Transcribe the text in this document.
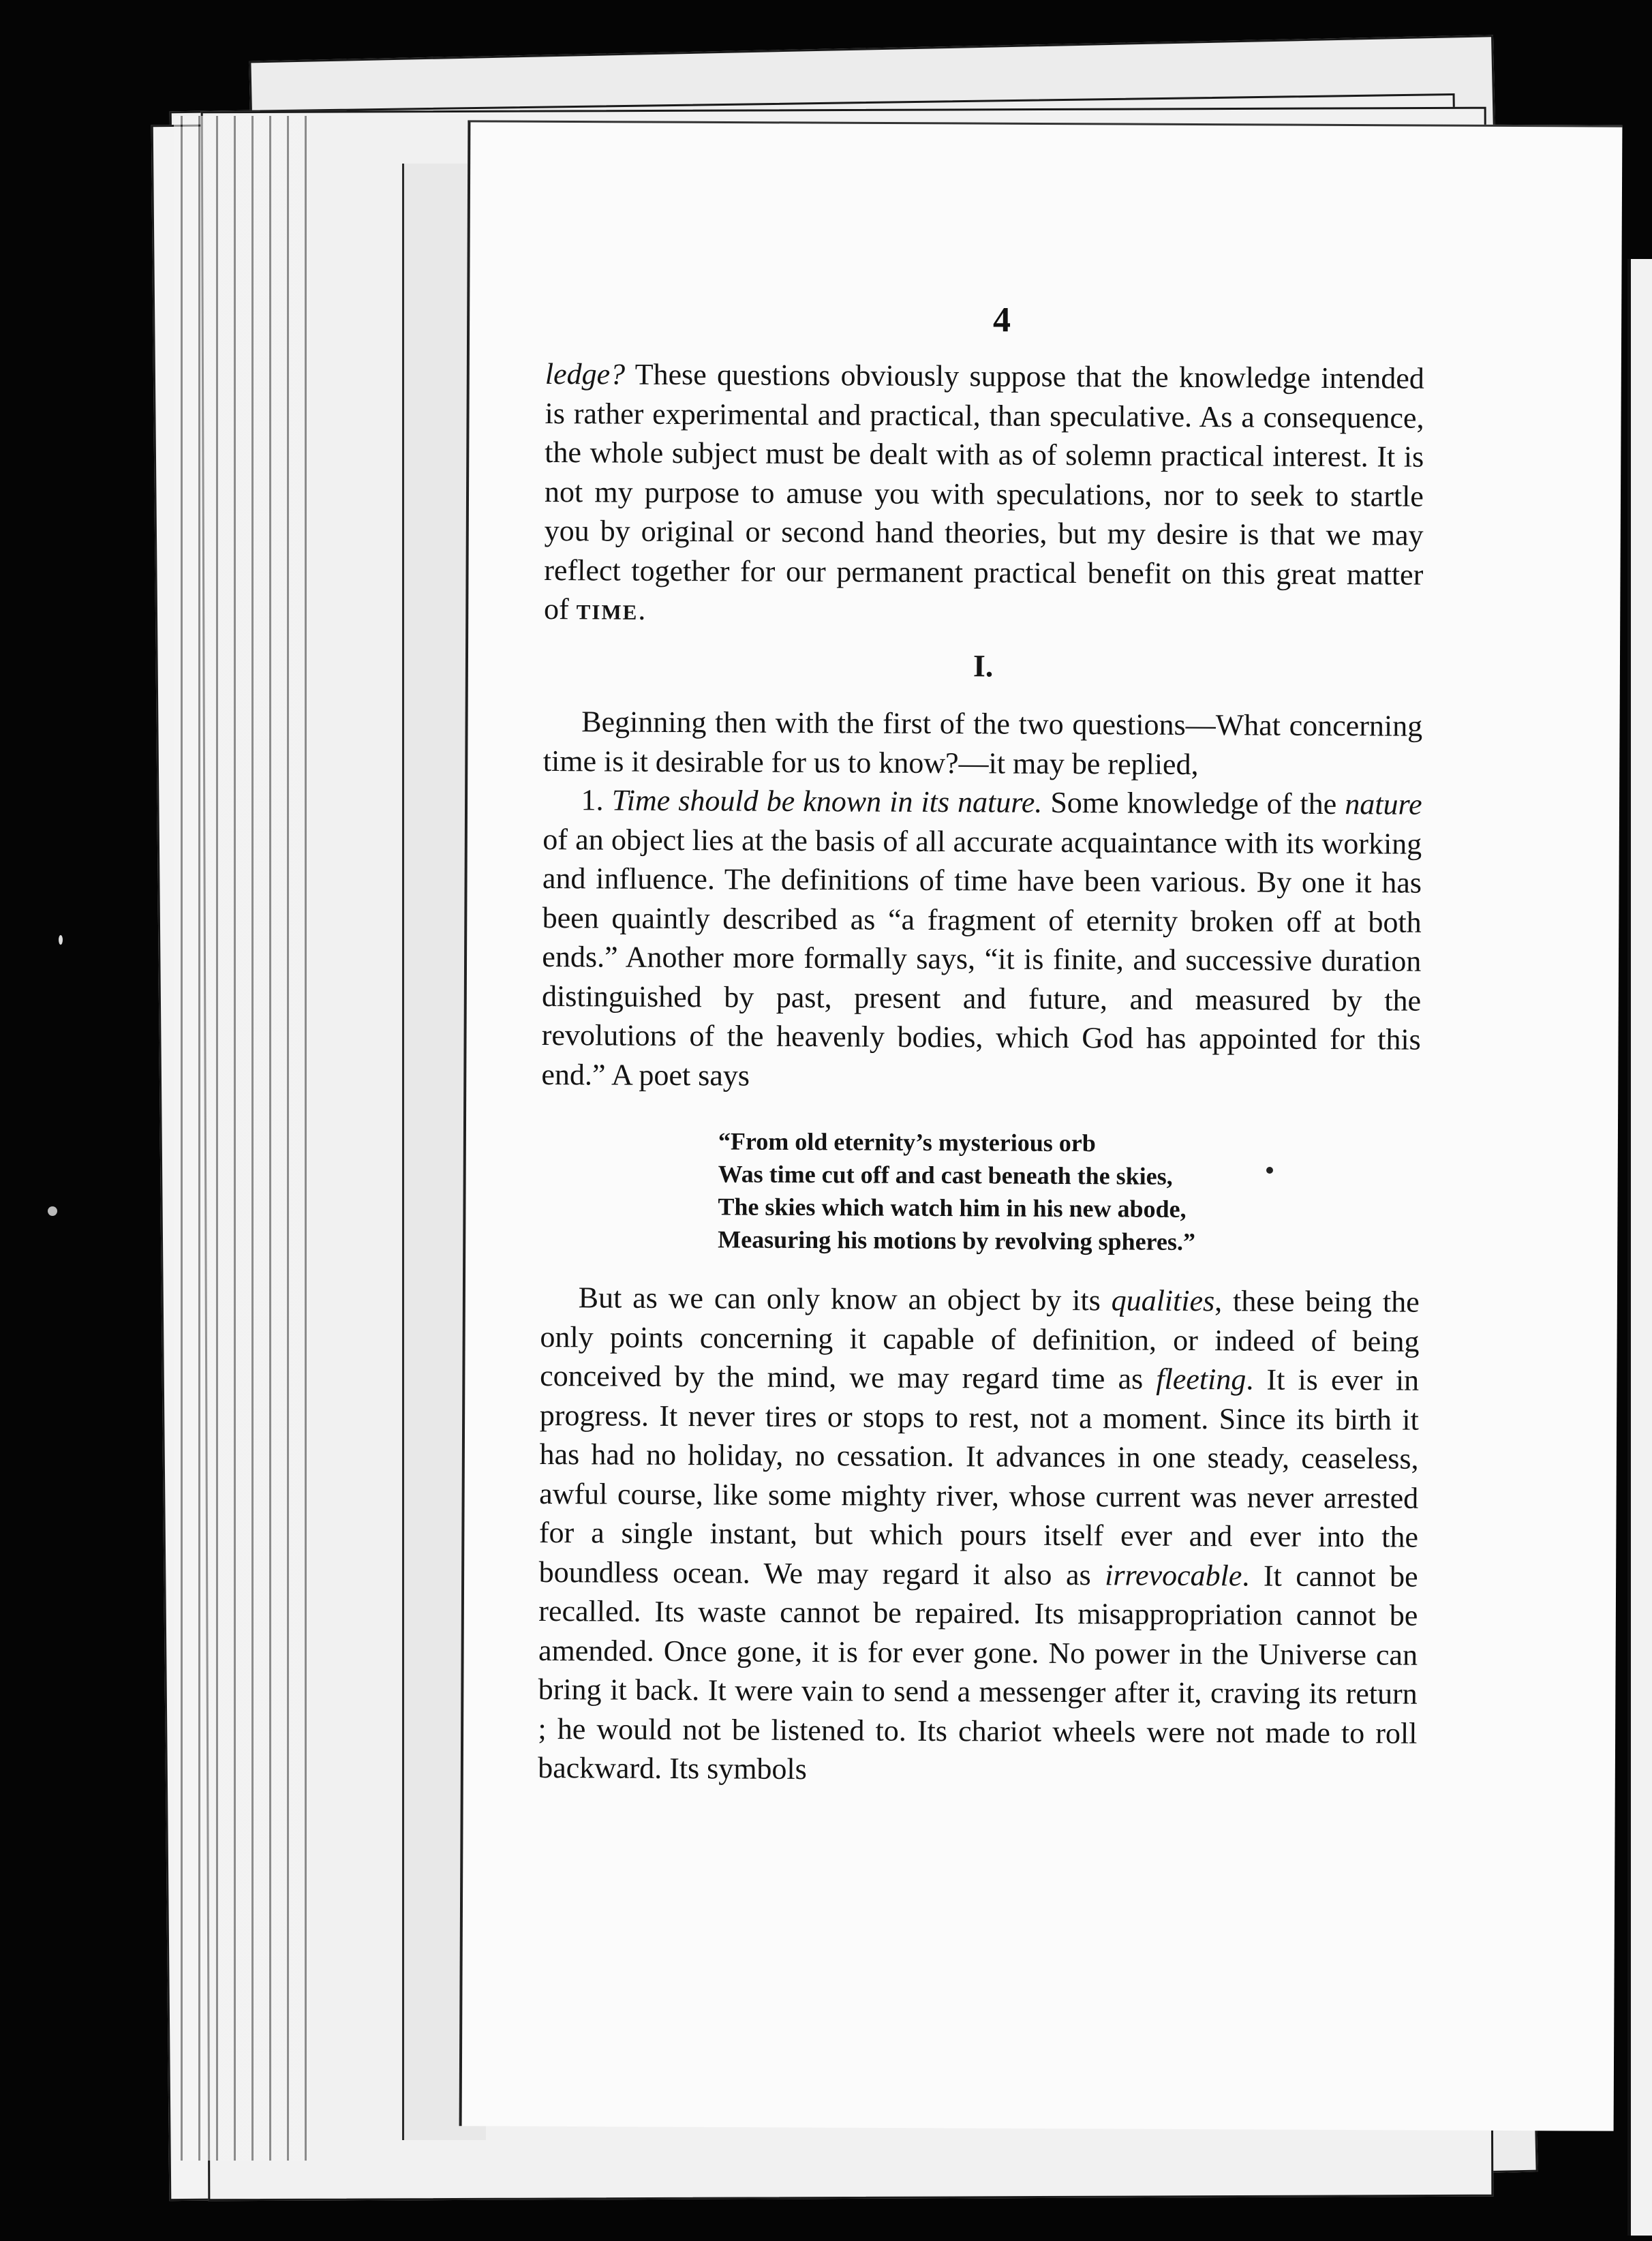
4

ledge? These questions obviously suppose that the knowledge intended is rather experimental and practical, than speculative. As a consequence, the whole subject must be dealt with as of solemn practical interest. It is not my purpose to amuse you with speculations, nor to seek to startle you by original or second hand theories, but my desire is that we may reflect together for our permanent practical benefit on this great matter of time.

I.

Beginning then with the first of the two questions—What concerning time is it desirable for us to know?—it may be replied,

1. Time should be known in its nature. Some knowledge of the nature of an object lies at the basis of all accurate acquaintance with its working and influence. The definitions of time have been various. By one it has been quaintly described as “a fragment of eternity broken off at both ends.” Another more formally says, “it is finite, and successive duration distinguished by past, present and future, and measured by the revolutions of the heavenly bodies, which God has appointed for this end.” A poet says

“From old eternity’s mysterious orb
Was time cut off and cast beneath the skies,
The skies which watch him in his new abode,
Measuring his motions by revolving spheres.”

But as we can only know an object by its qualities, these being the only points concerning it capable of definition, or indeed of being conceived by the mind, we may regard time as fleeting. It is ever in progress. It never tires or stops to rest, not a moment. Since its birth it has had no holiday, no cessation. It advances in one steady, ceaseless, awful course, like some mighty river, whose current was never arrested for a single instant, but which pours itself ever and ever into the boundless ocean. We may regard it also as irrevocable. It cannot be recalled. Its waste cannot be repaired. Its misappropriation cannot be amended. Once gone, it is for ever gone. No power in the Universe can bring it back. It were vain to send a messenger after it, craving its return ; he would not be listened to. Its chariot wheels were not made to roll backward. Its symbols
